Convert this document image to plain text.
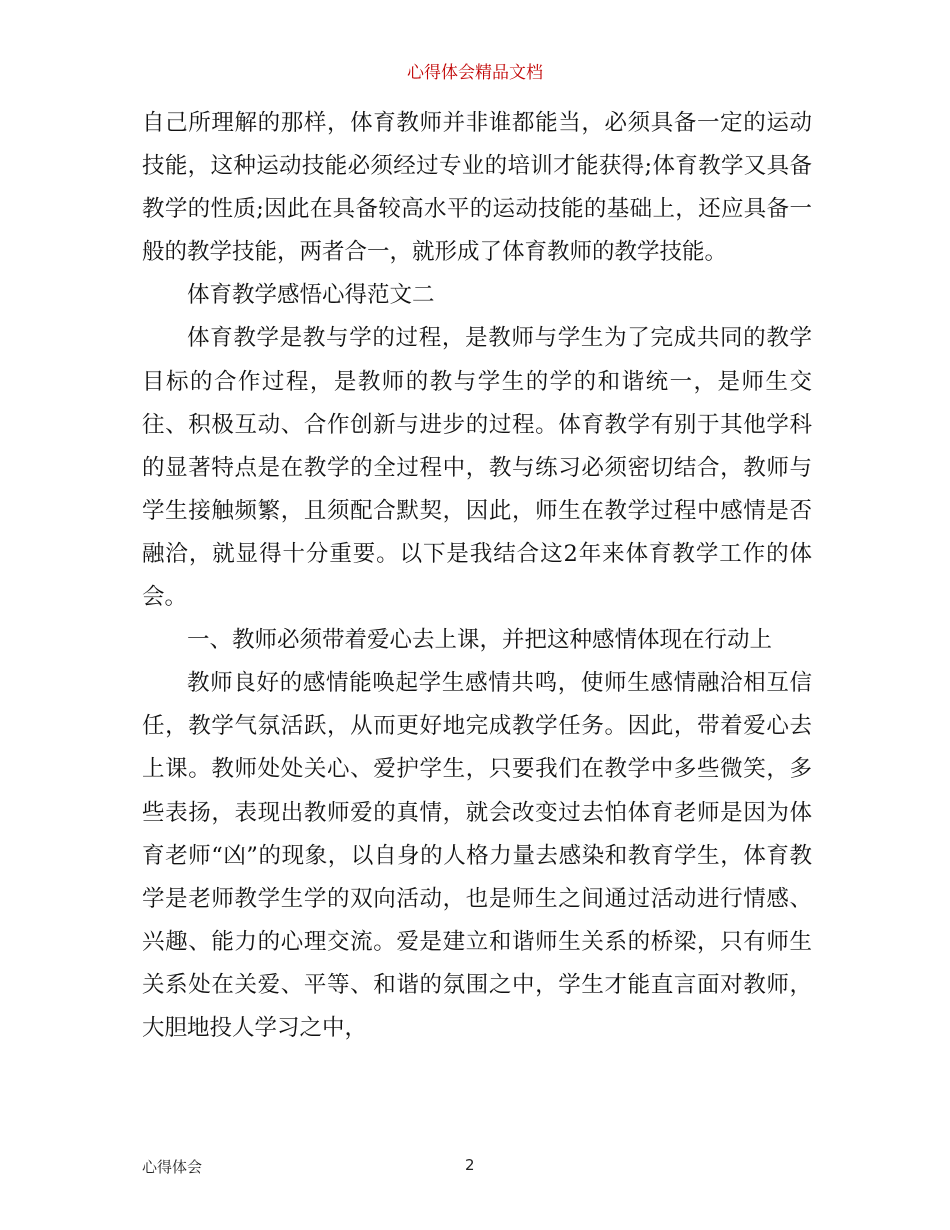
心得体会精品文档

自己所理解的那样，体育教师并非谁都能当，必须具备一定的运动技能，这种运动技能必须经过专业的培训才能获得;体育教学又具备教学的性质;因此在具备较高水平的运动技能的基础上，还应具备一般的教学技能，两者合一，就形成了体育教师的教学技能。

体育教学感悟心得范文二

体育教学是教与学的过程，是教师与学生为了完成共同的教学目标的合作过程，是教师的教与学生的学的和谐统一，是师生交往、积极互动、合作创新与进步的过程。体育教学有别于其他学科的显著特点是在教学的全过程中，教与练习必须密切结合，教师与学生接触频繁，且须配合默契，因此，师生在教学过程中感情是否融洽，就显得十分重要。以下是我结合这2年来体育教学工作的体会。

一、教师必须带着爱心去上课，并把这种感情体现在行动上

教师良好的感情能唤起学生感情共鸣，使师生感情融洽相互信任，教学气氛活跃，从而更好地完成教学任务。因此，带着爱心去上课。教师处处关心、爱护学生，只要我们在教学中多些微笑，多些表扬，表现出教师爱的真情，就会改变过去怕体育老师是因为体育老师“凶”的现象，以自身的人格力量去感染和教育学生，体育教学是老师教学生学的双向活动，也是师生之间通过活动进行情感、兴趣、能力的心理交流。爱是建立和谐师生关系的桥梁，只有师生关系处在关爱、平等、和谐的氛围之中，学生才能直言面对教师，大胆地投人学习之中，

心得体会	2
